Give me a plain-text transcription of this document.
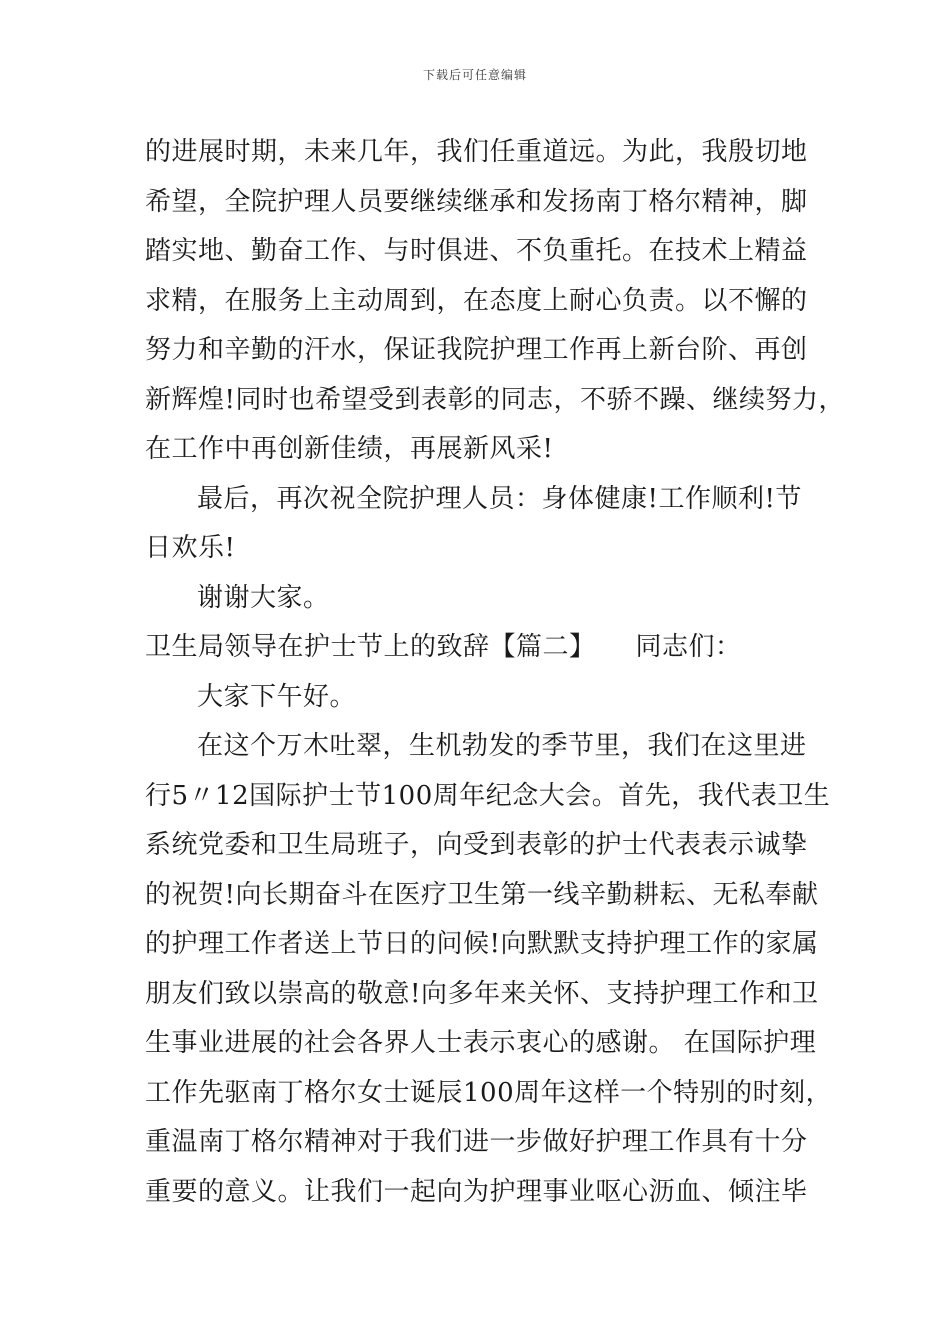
下载后可任意编辑
的进展时期，未来几年，我们任重道远。为此，我殷切地
希望，全院护理人员要继续继承和发扬南丁格尔精神，脚
踏实地、勤奋工作、与时俱进、不负重托。在技术上精益
求精，在服务上主动周到，在态度上耐心负责。以不懈的
努力和辛勤的汗水，保证我院护理工作再上新台阶、再创
新辉煌!同时也希望受到表彰的同志，不骄不躁、继续努力，
在工作中再创新佳绩，再展新风采!
最后，再次祝全院护理人员：身体健康!工作顺利!节
日欢乐!
谢谢大家。
卫生局领导在护士节上的致辞【篇二】　　同志们：
大家下午好。
在这个万木吐翠，生机勃发的季节里，我们在这里进
行5〃12国际护士节100周年纪念大会。首先，我代表卫生
系统党委和卫生局班子，向受到表彰的护士代表表示诚挚
的祝贺!向长期奋斗在医疗卫生第一线辛勤耕耘、无私奉献
的护理工作者送上节日的问候!向默默支持护理工作的家属
朋友们致以崇高的敬意!向多年来关怀、支持护理工作和卫
生事业进展的社会各界人士表示衷心的感谢。 在国际护理
工作先驱南丁格尔女士诞辰100周年这样一个特别的时刻，
重温南丁格尔精神对于我们进一步做好护理工作具有十分
重要的意义。让我们一起向为护理事业呕心沥血、倾注毕
